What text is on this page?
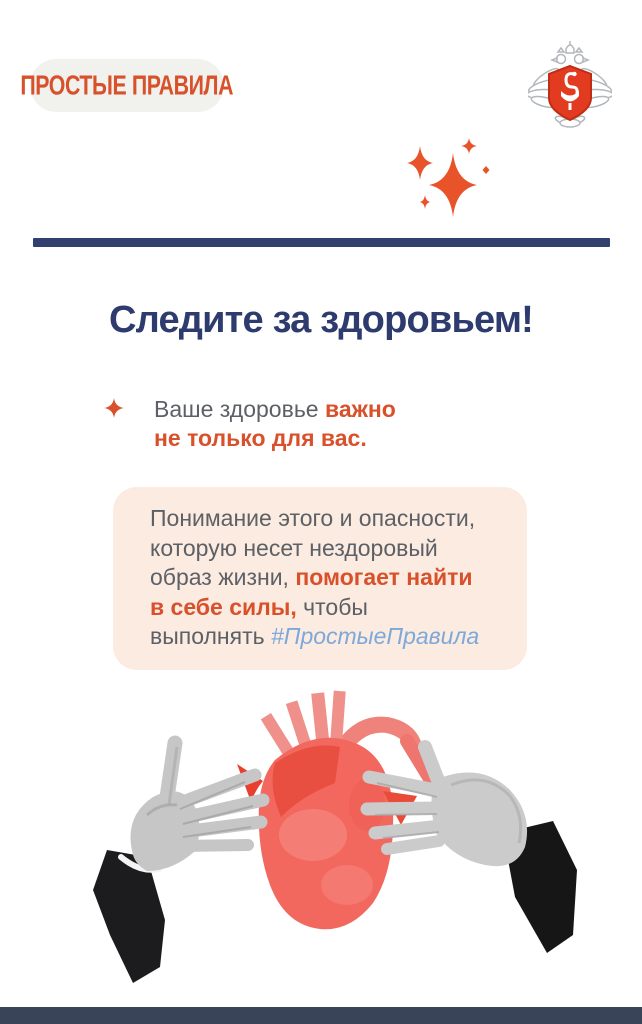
ПРОСТЫЕ ПРАВИЛА
Следите за здоровьем!
Ваше здоровье важно
не только для вас.

Понимание этого и опасности, которую несет нездоровый образ жизни, помогает найти в себе силы, чтобы выполнять #ПростыеПравила
